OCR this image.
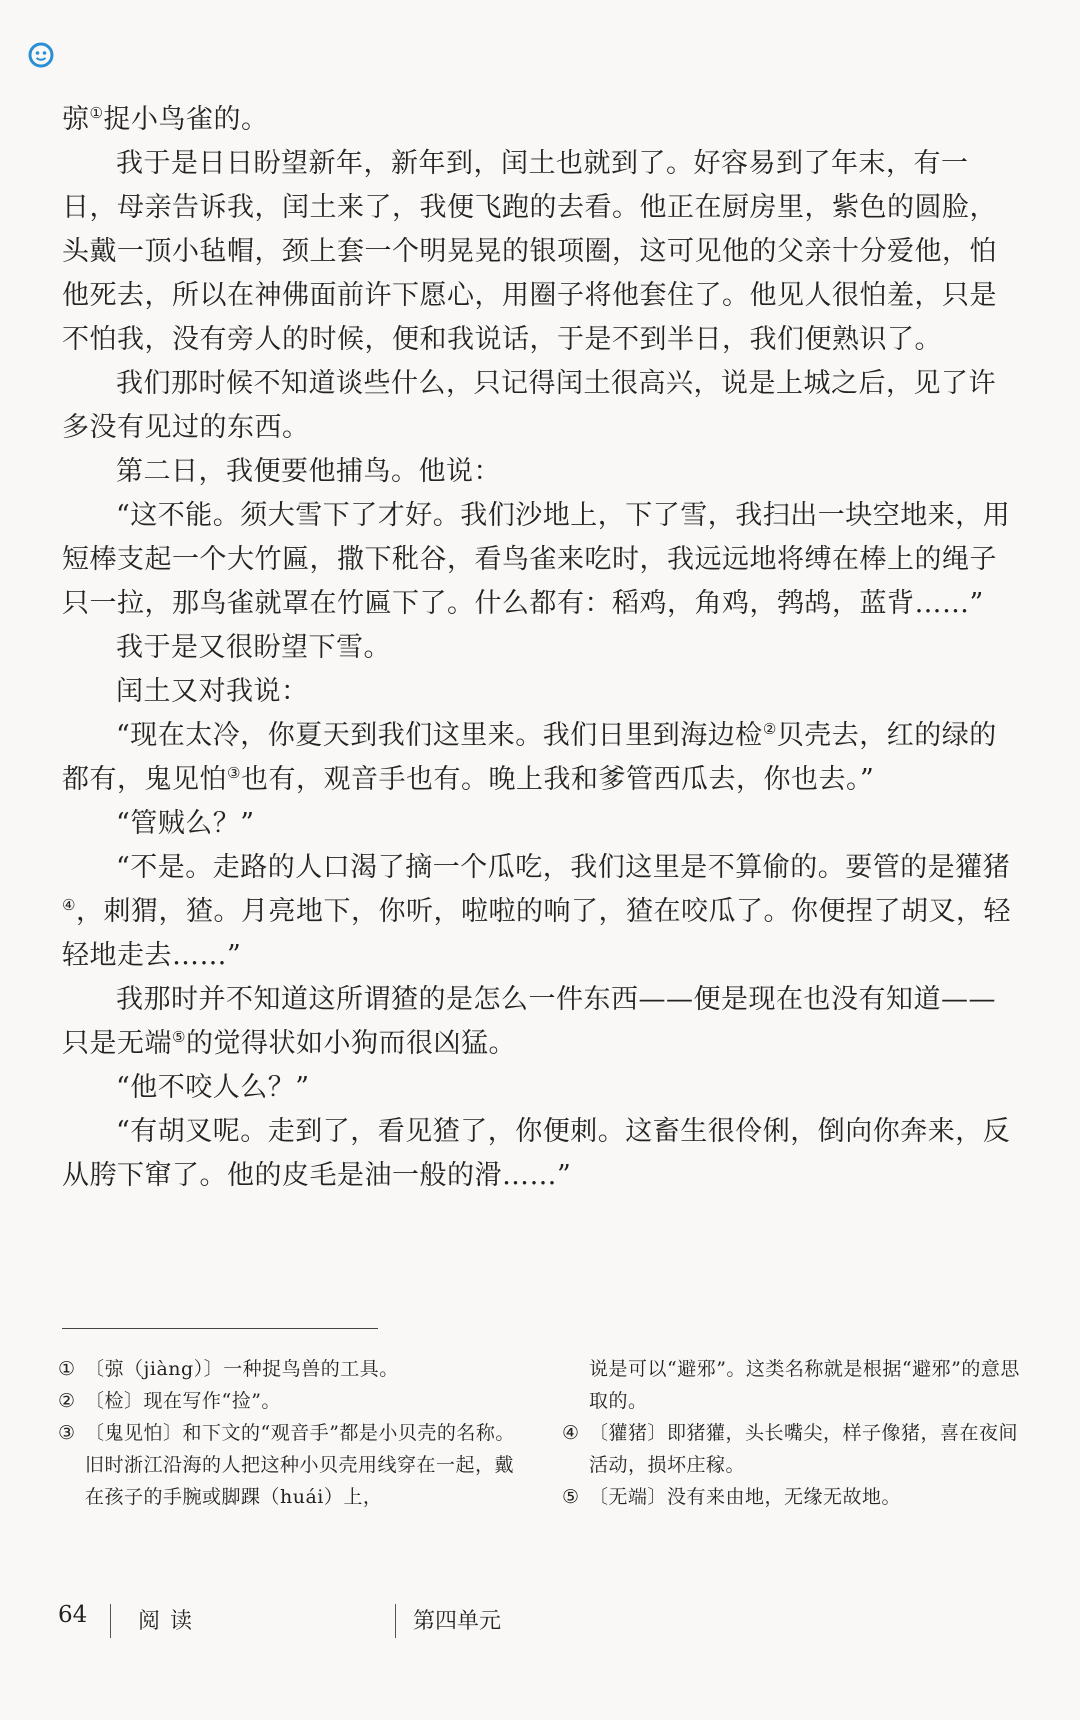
弶①捉小鸟雀的。

我于是日日盼望新年，新年到，闰土也就到了。好容易到了年末，有一日，母亲告诉我，闰土来了，我便飞跑的去看。他正在厨房里，紫色的圆脸，头戴一顶小毡帽，颈上套一个明晃晃的银项圈，这可见他的父亲十分爱他，怕他死去，所以在神佛面前许下愿心，用圈子将他套住了。他见人很怕羞，只是不怕我，没有旁人的时候，便和我说话，于是不到半日，我们便熟识了。

我们那时候不知道谈些什么，只记得闰土很高兴，说是上城之后，见了许多没有见过的东西。

第二日，我便要他捕鸟。他说：

“这不能。须大雪下了才好。我们沙地上，下了雪，我扫出一块空地来，用短棒支起一个大竹匾，撒下秕谷，看鸟雀来吃时，我远远地将缚在棒上的绳子只一拉，那鸟雀就罩在竹匾下了。什么都有：稻鸡，角鸡，鹁鸪，蓝背……”

我于是又很盼望下雪。

闰土又对我说：

“现在太冷，你夏天到我们这里来。我们日里到海边检②贝壳去，红的绿的都有，鬼见怕③也有，观音手也有。晚上我和爹管西瓜去，你也去。”

“管贼么？”

“不是。走路的人口渴了摘一个瓜吃，我们这里是不算偷的。要管的是獾猪④，刺猬，猹。月亮地下，你听，啦啦的响了，猹在咬瓜了。你便捏了胡叉，轻轻地走去……”

我那时并不知道这所谓猹的是怎么一件东西——便是现在也没有知道——只是无端⑤的觉得状如小狗而很凶猛。

“他不咬人么？”

“有胡叉呢。走到了，看见猹了，你便刺。这畜生很伶俐，倒向你奔来，反从胯下窜了。他的皮毛是油一般的滑……”

① 〔弶（jiàng）〕一种捉鸟兽的工具。

② 〔检〕现在写作“捡”。

③ 〔鬼见怕〕和下文的“观音手”都是小贝壳的名称。旧时浙江沿海的人把这种小贝壳用线穿在一起，戴在孩子的手腕或脚踝（huái）上，

说是可以“避邪”。这类名称就是根据“避邪”的意思取的。

④ 〔獾猪〕即猪獾，头长嘴尖，样子像猪，喜在夜间活动，损坏庄稼。

⑤ 〔无端〕没有来由地，无缘无故地。

64 阅读	第四单元
